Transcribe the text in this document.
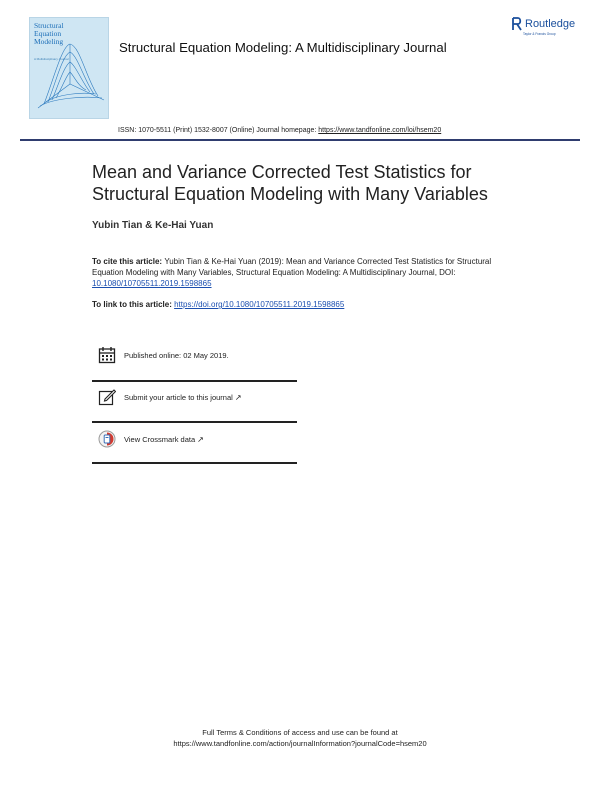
Structural
Equation
Modeling
A Multidisciplinary Journal
Structural Equation Modeling: A Multidisciplinary Journal
Routledge
Taylor & Francis Group
ISSN: 1070-5511 (Print) 1532-8007 (Online) Journal homepage: https://www.tandfonline.com/loi/hsem20
Mean and Variance Corrected Test Statistics for
Structural Equation Modeling with Many Variables
Yubin Tian & Ke-Hai Yuan
To cite this article: Yubin Tian & Ke-Hai Yuan (2019): Mean and Variance Corrected Test Statistics for Structural Equation Modeling with Many Variables, Structural Equation Modeling: A Multidisciplinary Journal, DOI: 10.1080/10705511.2019.1598865
To link to this article: https://doi.org/10.1080/10705511.2019.1598865
Published online: 02 May 2019.
Submit your article to this journal ↗
View Crossmark data ↗
Full Terms & Conditions of access and use can be found at
https://www.tandfonline.com/action/journalInformation?journalCode=hsem20
